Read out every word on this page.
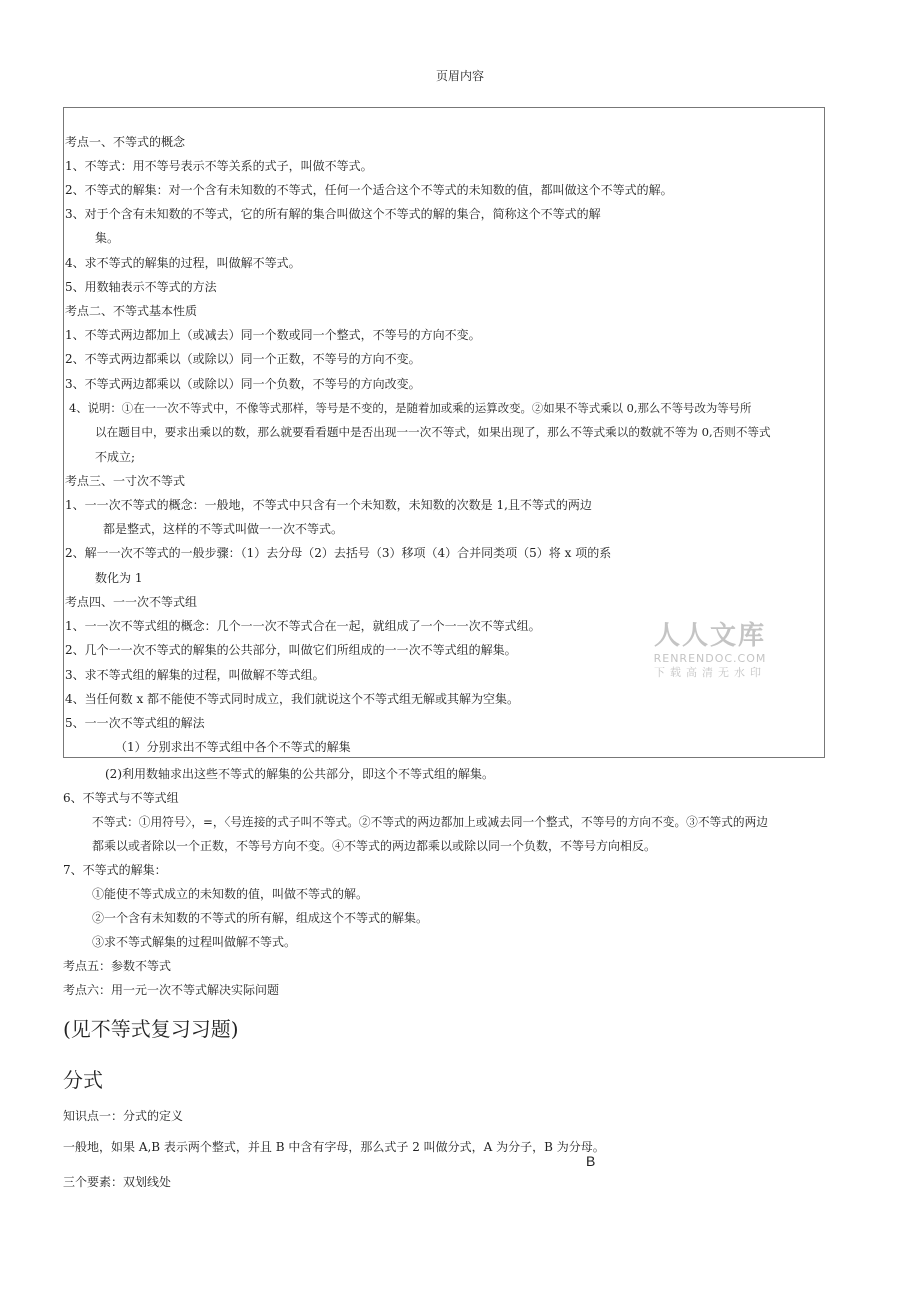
页眉内容
考点一、不等式的概念
1、不等式：用不等号表示不等关系的式子，叫做不等式。
2、不等式的解集：对一个含有未知数的不等式，任何一个适合这个不等式的未知数的值，都叫做这个不等式的解。
3、对于个含有未知数的不等式，它的所有解的集合叫做这个不等式的解的集合，简称这个不等式的解
集。
4、求不等式的解集的过程，叫做解不等式。
5、用数轴表示不等式的方法
考点二、不等式基本性质
1、不等式两边都加上（或减去）同一个数或同一个整式，不等号的方向不变。
2、不等式两边都乘以（或除以）同一个正数，不等号的方向不变。
3、不等式两边都乘以（或除以）同一个负数，不等号的方向改变。
4、说明：①在一一次不等式中，不像等式那样，等号是不变的，是随着加或乘的运算改变。②如果不等式乘以 0,那么不等号改为等号所
以在题目中，要求出乘以的数，那么就要看看题中是否出现一一次不等式，如果出现了，那么不等式乘以的数就不等为 0,否则不等式
不成立;
考点三、一寸次不等式
1、一一次不等式的概念：一般地，不等式中只含有一个未知数，未知数的次数是 1,且不等式的两边
都是整式，这样的不等式叫做一一次不等式。
2、解一一次不等式的一般步骤：（1）去分母（2）去括号（3）移项（4）合并同类项（5）将 x 项的系
数化为 1
考点四、一一次不等式组
1、一一次不等式组的概念：几个一一次不等式合在一起，就组成了一个一一次不等式组。
2、几个一一次不等式的解集的公共部分，叫做它们所组成的一一次不等式组的解集。
3、求不等式组的解集的过程，叫做解不等式组。
4、当任何数 x 都不能使不等式同时成立，我们就说这个不等式组无解或其解为空集。
5、一一次不等式组的解法
（1）分别求出不等式组中各个不等式的解集
人人文库
RENRENDOC.COM
下载高清无水印
(2)利用数轴求出这些不等式的解集的公共部分，即这个不等式组的解集。
6、不等式与不等式组
不等式：①用符号〉，=，〈号连接的式子叫不等式。②不等式的两边都加上或减去同一个整式，不等号的方向不变。③不等式的两边
都乘以或者除以一个正数，不等号方向不变。④不等式的两边都乘以或除以同一个负数，不等号方向相反。
7、不等式的解集：
①能使不等式成立的未知数的值，叫做不等式的解。
②一个含有未知数的不等式的所有解，组成这个不等式的解集。
③求不等式解集的过程叫做解不等式。
考点五：参数不等式
考点六：用一元一次不等式解决实际问题
(见不等式复习习题)
分式
知识点一：分式的定义
一般地，如果 A,B 表示两个整式，并且 B 中含有字母，那么式子 2 叫做分式，A 为分子，B 为分母。
B
三个要素：双划线处
